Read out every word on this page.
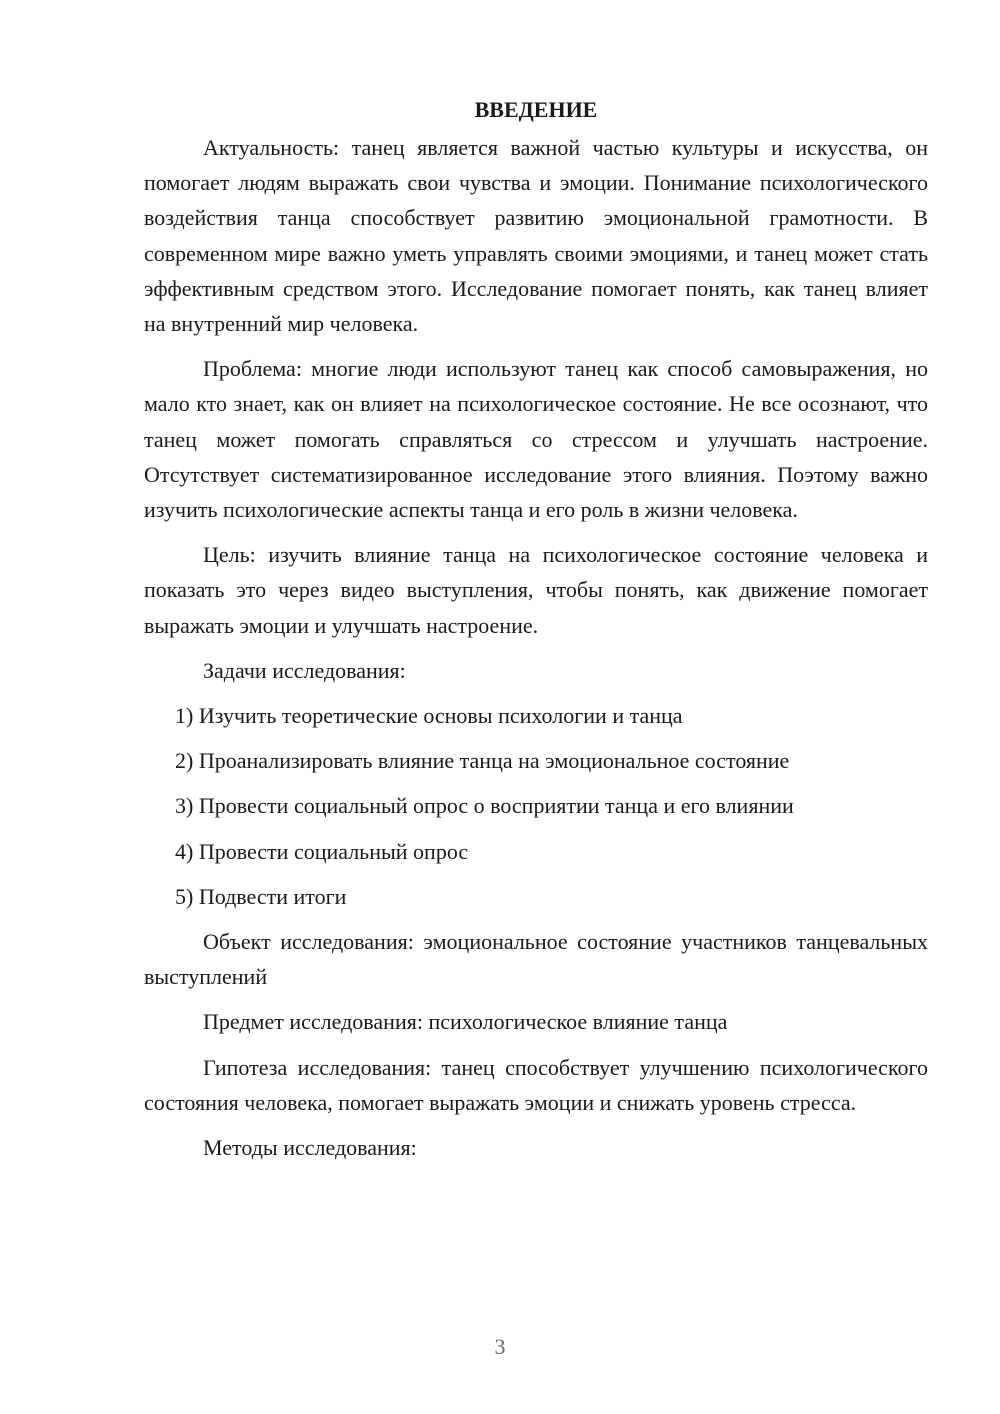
ВВЕДЕНИЕ

Актуальность: танец является важной частью культуры и искусства, он помогает людям выражать свои чувства и эмоции. Понимание психологического воздействия танца способствует развитию эмоциональной грамотности. В современном мире важно уметь управлять своими эмоциями, и танец может стать эффективным средством этого. Исследование помогает понять, как танец влияет на внутренний мир человека.

Проблема: многие люди используют танец как способ самовыражения, но мало кто знает, как он влияет на психологическое состояние. Не все осознают, что танец может помогать справляться со стрессом и улучшать настроение. Отсутствует систематизированное исследование этого влияния. Поэтому важно изучить психологические аспекты танца и его роль в жизни человека.

Цель: изучить влияние танца на психологическое состояние человека и показать это через видео выступления, чтобы понять, как движение помогает выражать эмоции и улучшать настроение.

Задачи исследования:

1) Изучить теоретические основы психологии и танца

2) Проанализировать влияние танца на эмоциональное состояние

3) Провести социальный опрос о восприятии танца и его влиянии

4) Провести социальный опрос

5) Подвести итоги

Объект исследования: эмоциональное состояние участников танцевальных выступлений

Предмет исследования: психологическое влияние танца

Гипотеза исследования: танец способствует улучшению психологического состояния человека, помогает выражать эмоции и снижать уровень стресса.

Методы исследования:

3
